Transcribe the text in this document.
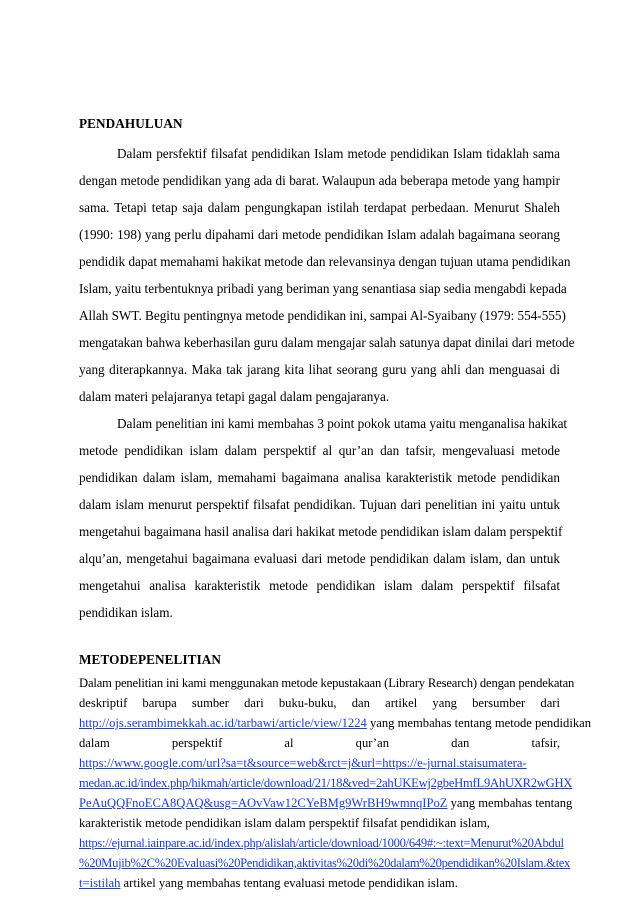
PENDAHULUAN
Dalam persfektif filsafat pendidikan Islam metode pendidikan Islam tidaklah sama
dengan metode pendidikan yang ada di barat. Walaupun ada beberapa metode yang hampir
sama. Tetapi tetap saja dalam pengungkapan istilah terdapat perbedaan. Menurut Shaleh
(1990: 198) yang perlu dipahami dari metode pendidikan Islam adalah bagaimana seorang
pendidik dapat memahami hakikat metode dan relevansinya dengan tujuan utama pendidikan
Islam, yaitu terbentuknya pribadi yang beriman yang senantiasa siap sedia mengabdi kepada
Allah SWT. Begitu pentingnya metode pendidikan ini, sampai Al-Syaibany (1979: 554-555)
mengatakan bahwa keberhasilan guru dalam mengajar salah satunya dapat dinilai dari metode
yang diterapkannya. Maka tak jarang kita lihat seorang guru yang ahli dan menguasai di
dalam materi pelajaranya tetapi gagal dalam pengajaranya.
Dalam penelitian ini kami membahas 3 point pokok utama yaitu menganalisa hakikat
metode pendidikan islam dalam perspektif al qur’an dan tafsir, mengevaluasi metode
pendidikan dalam islam, memahami bagaimana analisa karakteristik metode pendidikan
dalam islam menurut perspektif filsafat pendidikan. Tujuan dari penelitian ini yaitu untuk
mengetahui bagaimana hasil analisa dari hakikat metode pendidikan islam dalam perspektif
alqu’an, mengetahui bagaimana evaluasi dari metode pendidikan dalam islam, dan untuk
mengetahui analisa karakteristik metode pendidikan islam dalam perspektif filsafat
pendidikan islam.
METODEPENELITIAN
Dalam penelitian ini kami menggunakan metode kepustakaan (Library Research) dengan pendekatan
deskriptif barupa sumber dari buku-buku, dan artikel yang bersumber dari
http://ojs.serambimekkah.ac.id/tarbawi/article/view/1224 yang membahas tentang metode pendidikan
dalam perspektif al qur’an dan tafsir,
https://www.google.com/url?sa=t&source=web&rct=j&url=https://e-jurnal.staisumatera-
medan.ac.id/index.php/hikmah/article/download/21/18&ved=2ahUKEwj2gbeHmfL9AhUXR2wGHX
PeAuQQFnoECA8QAQ&usg=AOvVaw12CYeBMg9WrBH9wmnqIPoZ yang membahas tentang
karakteristik metode pendidikan islam dalam perspektif filsafat pendidikan islam,
https://ejurnal.iainpare.ac.id/index.php/alislah/article/download/1000/649#:~:text=Menurut%20Abdul
%20Mujib%2C%20Evaluasi%20Pendidikan,aktivitas%20di%20dalam%20pendidikan%20Islam.&tex
t=istilah artikel yang membahas tentang evaluasi metode pendidikan islam.
